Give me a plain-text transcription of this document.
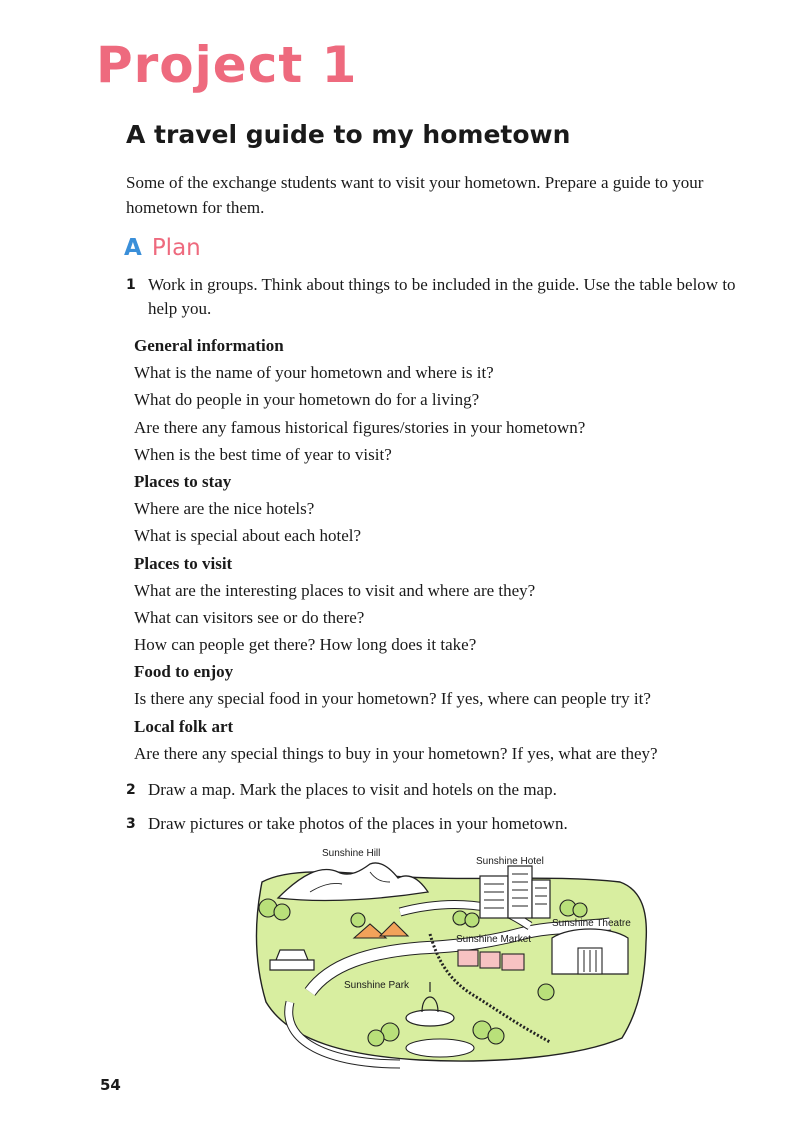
Project 1
A travel guide to my hometown

Some of the exchange students want to visit your hometown. Prepare a guide to your hometown for them.

A Plan
1 Work in groups. Think about things to be included in the guide. Use the table below to help you.
General information
What is the name of your hometown and where is it?
What do people in your hometown do for a living?
Are there any famous historical figures/stories in your hometown?
When is the best time of year to visit?
Places to stay
Where are the nice hotels?
What is special about each hotel?
Places to visit
What are the interesting places to visit and where are they?
What can visitors see or do there?
How can people get there? How long does it take?
Food to enjoy
Is there any special food in your hometown? If yes, where can people try it?
Local folk art
Are there any special things to buy in your hometown? If yes, what are they?
2 Draw a map. Mark the places to visit and hotels on the map.
3 Draw pictures or take photos of the places in your hometown.
Sunshine Hill
Sunshine Hotel
Sunshine Theatre
Sunshine Market
Sunshine Park

54
